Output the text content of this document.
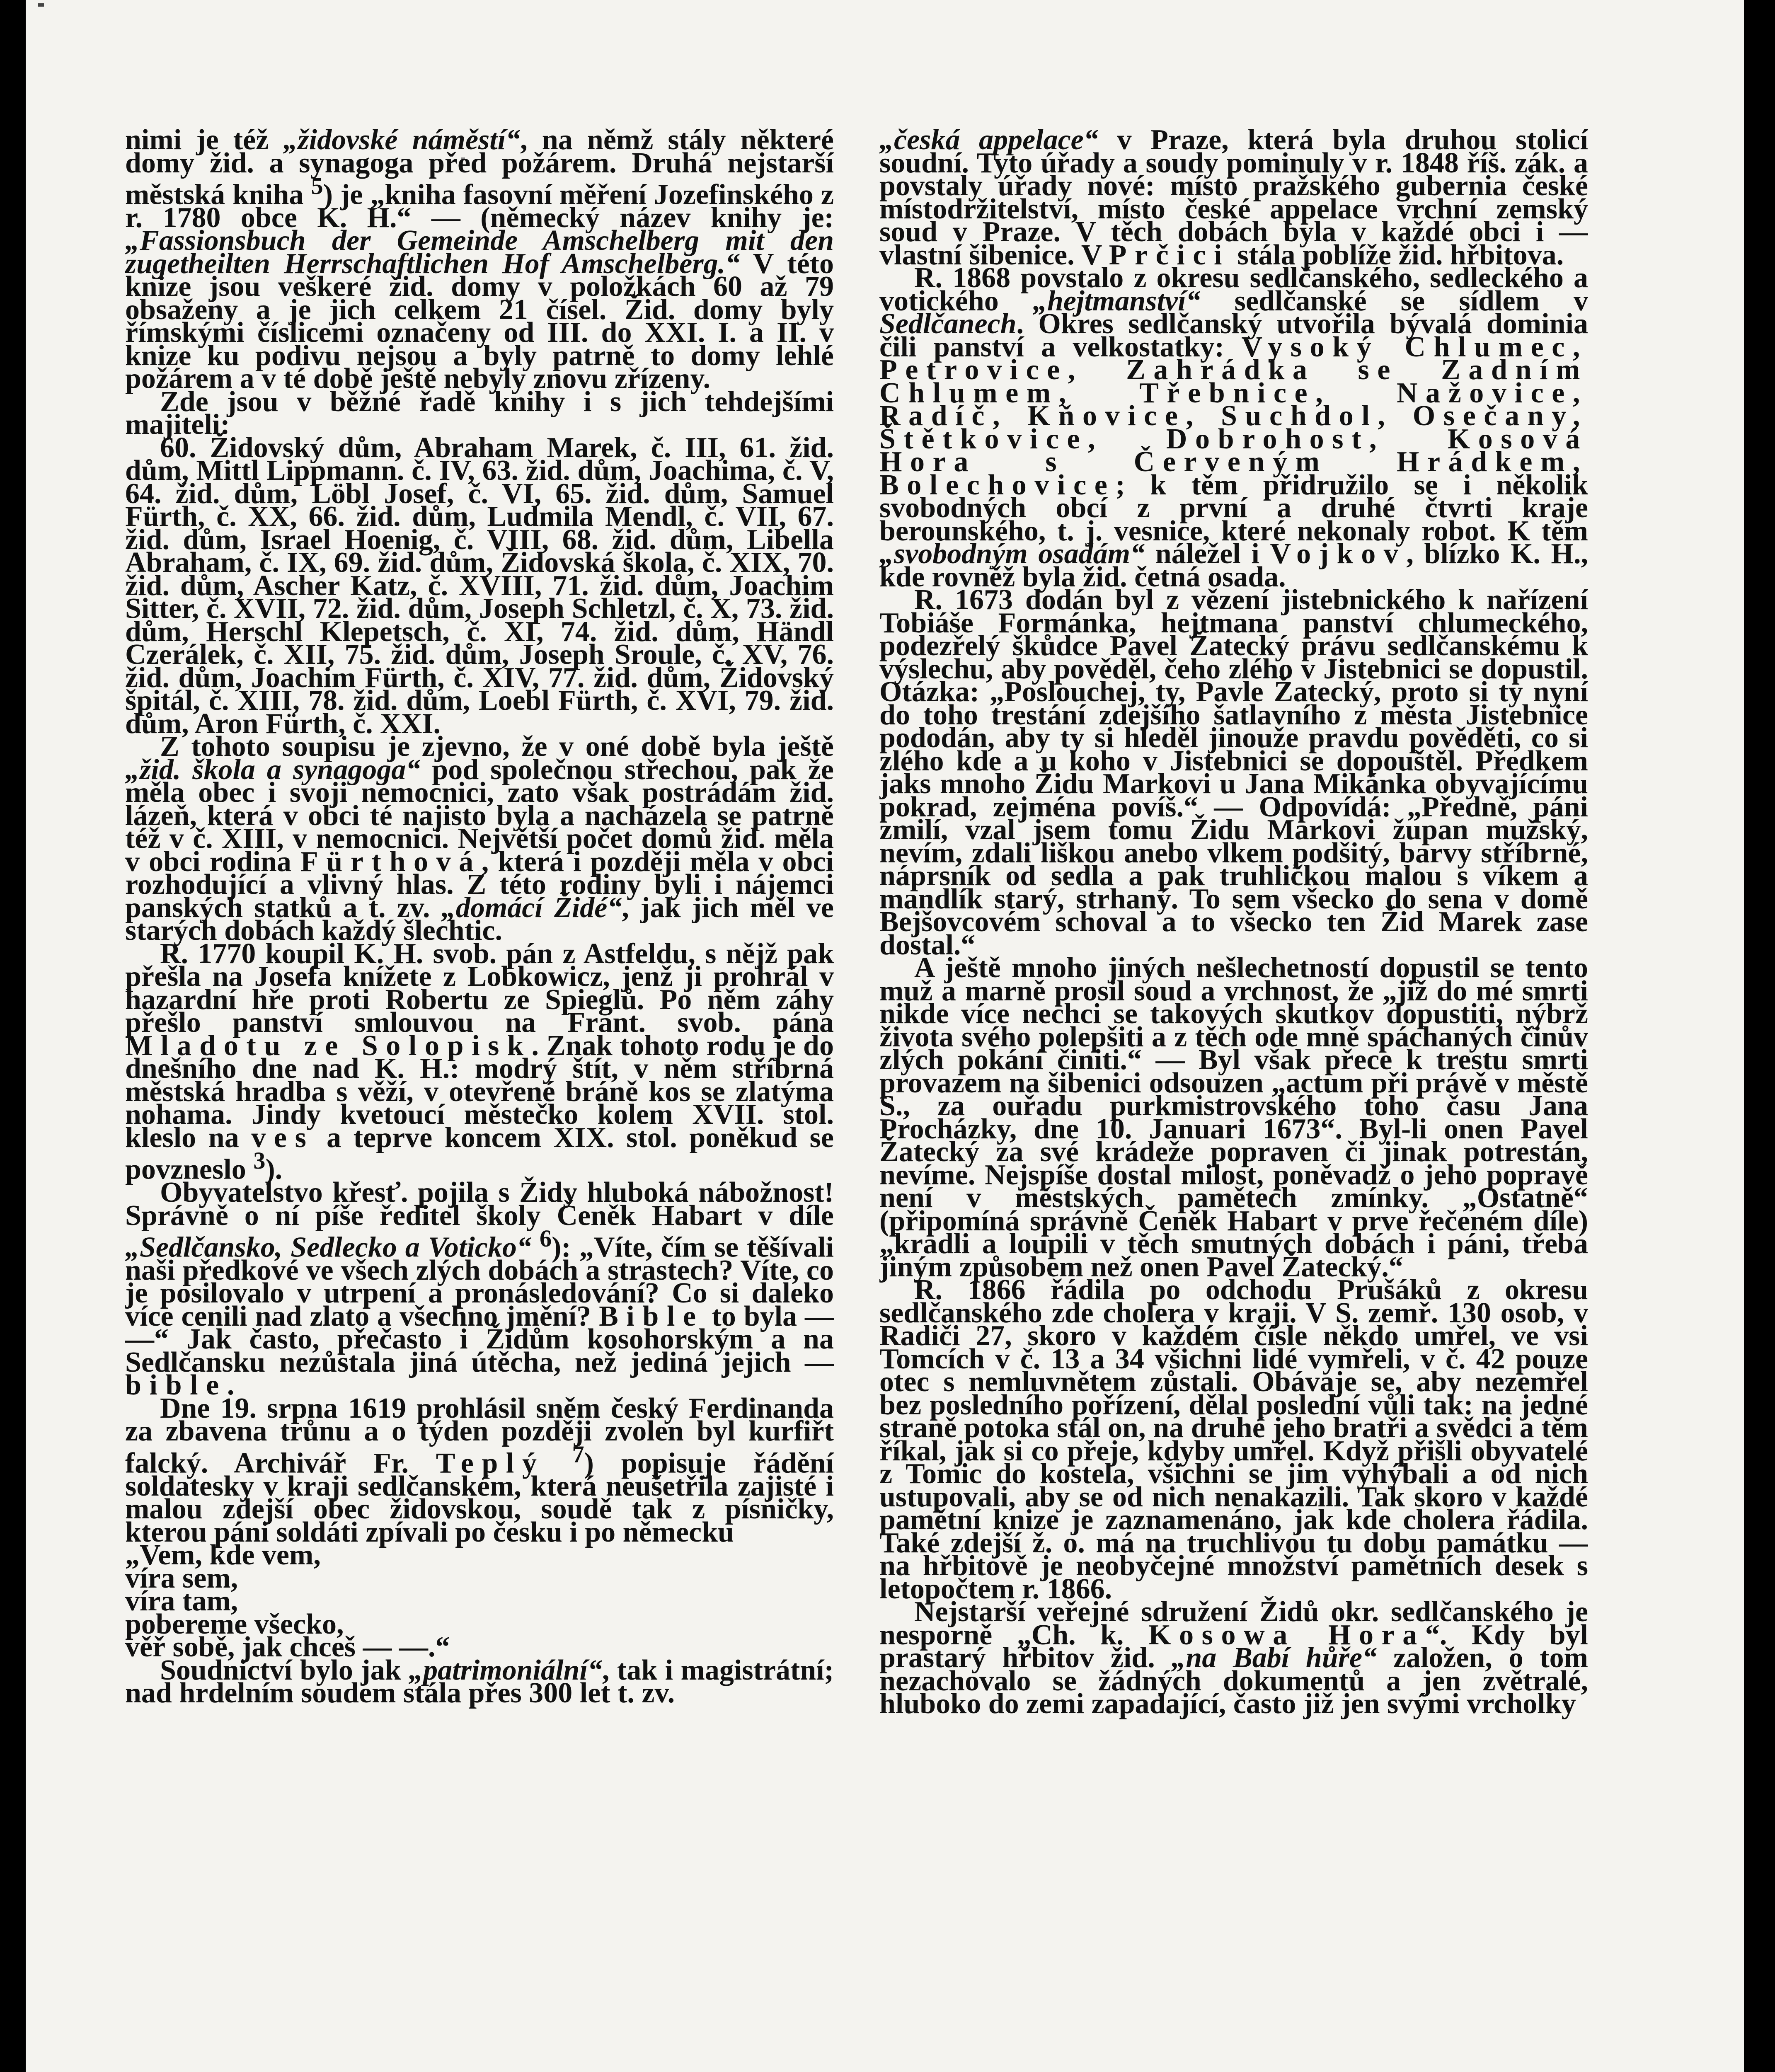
nimi je též „židovské náměstí“, na němž stály některé domy žid. a synagoga před požárem. Druhá nejstarší městská kniha $^5$) je „kniha fasovní měření Jozefinského z r. 1780 obce K. H.“ — (německý název knihy je: „Fassionsbuch der Gemeinde Amschelberg mit den zugetheilten Herrschaftlichen Hof Amschelberg.“ V této knize jsou veškeré žid. domy v položkách 60 až 79 obsaženy a je jich celkem 21 čísel. Žid. domy byly římskými číslicemi označeny od III. do XXI. I. a II. v knize ku podivu nejsou a byly patrně to domy lehlé požárem a v té době ještě nebyly znovu zřízeny.

Zde jsou v běžné řadě knihy i s jich tehdejšími majiteli:

60. Židovský dům, Abraham Marek, č. III, 61. žid. dům, Mittl Lippmann. č. IV, 63. žid. dům, Joachima, č. V, 64. žid. dům, Löbl Josef, č. VI, 65. žid. dům, Samuel Fürth, č. XX, 66. žid. dům, Ludmila Mendl, č. VII, 67. žid. dům, Israel Hoenig, č. VIII, 68. žid. dům, Libella Abraham, č. IX, 69. žid. dům, Židovská škola, č. XIX, 70. žid. dům, Ascher Katz, č. XVIII, 71. žid. dům, Joachim Sitter, č. XVII, 72. žid. dům, Joseph Schletzl, č. X, 73. žid. dům, Herschl Klepetsch, č. XI, 74. žid. dům, Händl Czerálek, č. XII, 75. žid. dům, Joseph Sroule, č. XV, 76. žid. dům, Joachim Fürth, č. XIV, 77. žid. dům, Židovský špitál, č. XIII, 78. žid. dům, Loebl Fürth, č. XVI, 79. žid. dům, Aron Fürth, č. XXI.

Z tohoto soupisu je zjevno, že v oné době byla ještě „žid. škola a synagoga“ pod společnou střechou, pak že měla obec i svoji nemocnici, zato však postrádám žid. lázeň, která v obci té najisto byla a nacházela se patrně též v č. XIII, v nemocnici. Největší počet domů žid. měla v obci rodina Fürthová, která i později měla v obci rozhodující a vlivný hlas. Z této rodiny byli i nájemci panských statků a t. zv. „domácí Židé“, jak jich měl ve starých dobách každý šlechtic.

R. 1770 koupil K. H. svob. pán z Astfeldu, s nějž pak přešla na Josefa knížete z Lobkowicz, jenž ji prohrál v hazardní hře proti Robertu ze Spieglů. Po něm záhy přešlo panství smlouvou na Frant. svob. pána Mladotu ze Solopisk. Znak tohoto rodu je do dnešního dne nad K. H.: modrý štít, v něm stříbrná městská hradba s věží, v otevřené bráně kos se zlatýma nohama. Jindy kvetoucí městečko kolem XVII. stol. kleslo na ves a teprve koncem XIX. stol. poněkud se povzneslo $^3$).

Obyvatelstvo křesť. pojila s Židy hluboká nábožnost! Správně o ní píše ředitel školy Čeněk Habart v díle „Sedlčansko, Sedlecko a Voticko“ $^6$): „Víte, čím se těšívali naši předkové ve všech zlých dobách a strastech? Víte, co je posilovalo v utrpení a pronásledování? Co si daleko více cenili nad zlato a všechno jmění? Bible to byla — —“ Jak často, přečasto i Židům kosohorským a na Sedlčansku nezůstala jiná útěcha, než jediná jejich — bible.

Dne 19. srpna 1619 prohlásil sněm český Ferdinanda za zbavena trůnu a o týden později zvolen byl kurfiřt falcký. Archivář Fr. Teplý $^7$) popisuje řádění soldatesky v kraji sedlčanském, která neušetřila zajisté i malou zdejší obec židovskou, soudě tak z písničky, kterou páni soldáti zpívali po česku i po německu

„Vem, kde vem,

víra sem,

víra tam,

pobereme všecko,

věř sobě, jak chceš — —.“

Soudnictví bylo jak „patrimoniální“, tak i magistrátní; nad hrdelním soudem stála přes 300 let t. zv.

„česká appelace“ v Praze, která byla druhou stolicí soudní. Tyto úřady a soudy pominuly v r. 1848 říš. zák. a povstaly úřady nové: místo pražského gubernia české místodržitelství, místo české appelace vrchní zemský soud v Praze. V těch dobách byla v každé obci i — vlastní šibenice. V Prčici stála poblíže žid. hřbitova.

R. 1868 povstalo z okresu sedlčanského, sedleckého a votického „hejtmanství“ sedlčanské se sídlem v Sedlčanech. Okres sedlčanský utvořila bývalá dominia čili panství a velkostatky: Vysoký Chlumec, Petrovice, Zahrádka se Zadním Chlumem, Třebnice, Nažovice, Radíč, Kňovice, Suchdol, Osečany, Štětkovice, Dobrohost, Kosová Hora s Červeným Hrádkem, Bolechovice; k těm přidružilo se i několik svobodných obcí z první a druhé čtvrti kraje berounského, t. j. vesnice, které nekonaly robot. K těm „svobodným osadám“ náležel i Vojkov, blízko K. H., kde rovněž byla žid. četná osada.

R. 1673 dodán byl z vězení jistebnického k nařízení Tobiáše Formánka, hejtmana panství chlumeckého, podezřelý škůdce Pavel Žatecký právu sedlčanskému k výslechu, aby pověděl, čeho zlého v Jistebnici se dopustil. Otázka: „Poslouchej, ty, Pavle Žatecký, proto si ty nyní do toho trestání zdejšího šatlavního z města Jistebnice pododán, aby ty si hleděl jinouže pravdu pověděti, co si zlého kde a u koho v Jistebnici se dopouštěl. Předkem jaks mnoho Židu Markovi u Jana Mikánka obyvajícímu pokrad, zejména povíš.“ — Odpovídá: „Předně, páni zmilí, vzal jsem tomu Židu Markovi župan mužský, nevím, zdali liškou anebo vlkem podšitý, barvy stříbrné, náprsník od sedla a pak truhličkou malou s víkem a mandlík starý, strhaný. To sem všecko do sena v domě Bejšovcovém schoval a to všecko ten Žid Marek zase dostal.“

A ještě mnoho jiných nešlechetností dopustil se tento muž a marně prosil soud a vrchnost, že „již do mé smrti nikde více nechci se takových skutkov dopustiti, nýbrž života svého polepšiti a z těch ode mně spáchaných činův zlých pokání činiti.“ — Byl však přece k trestu smrti provazem na šibenici odsouzen „actum při právě v městě S., za ouřadu purkmistrovského toho času Jana Procházky, dne 10. Januari 1673“. Byl-li onen Pavel Žatecký za své krádeže popraven či jinak potrestán, nevíme. Nejspíše dostal milost, poněvadž o jeho popravě není v městských pamětech zmínky. „Ostatně“ (připomíná správně Čeněk Habart v prve řečeném díle) „kradli a loupili v těch smutných dobách i páni, třeba jiným způsobem než onen Pavel Žatecký.“

R. 1866 řádila po odchodu Prušáků z okresu sedlčanského zde cholera v kraji. V S. zemř. 130 osob, v Radiči 27, skoro v každém čísle někdo umřel, ve vsi Tomcích v č. 13 a 34 všichni lidé vymřeli, v č. 42 pouze otec s nemluvnětem zůstali. Obávaje se, aby nezemřel bez posledního pořízení, dělal poslední vůli tak: na jedné straně potoka stál on, na druhé jeho bratři a svědci a těm říkal, jak si co přeje, kdyby umřel. Když přišli obyvatelé z Tomic do kostela, všichni se jim vyhýbali a od nich ustupovali, aby se od nich nenakazili. Tak skoro v každé pamětní knize je zaznamenáno, jak kde cholera řádila. Také zdejší ž. o. má na truchlivou tu dobu památku — na hřbitově je neobyčejné množství pamětních desek s letopočtem r. 1866.

Nejstarší veřejné sdružení Židů okr. sedlčanského je nesporně „Ch. k. Kosowa Hora“. Kdy byl prastarý hřbitov žid. „na Babí hůře“ založen, o tom nezachovalo se žádných dokumentů a jen zvětralé, hluboko do zemi zapadající, často již jen svými vrcholky
